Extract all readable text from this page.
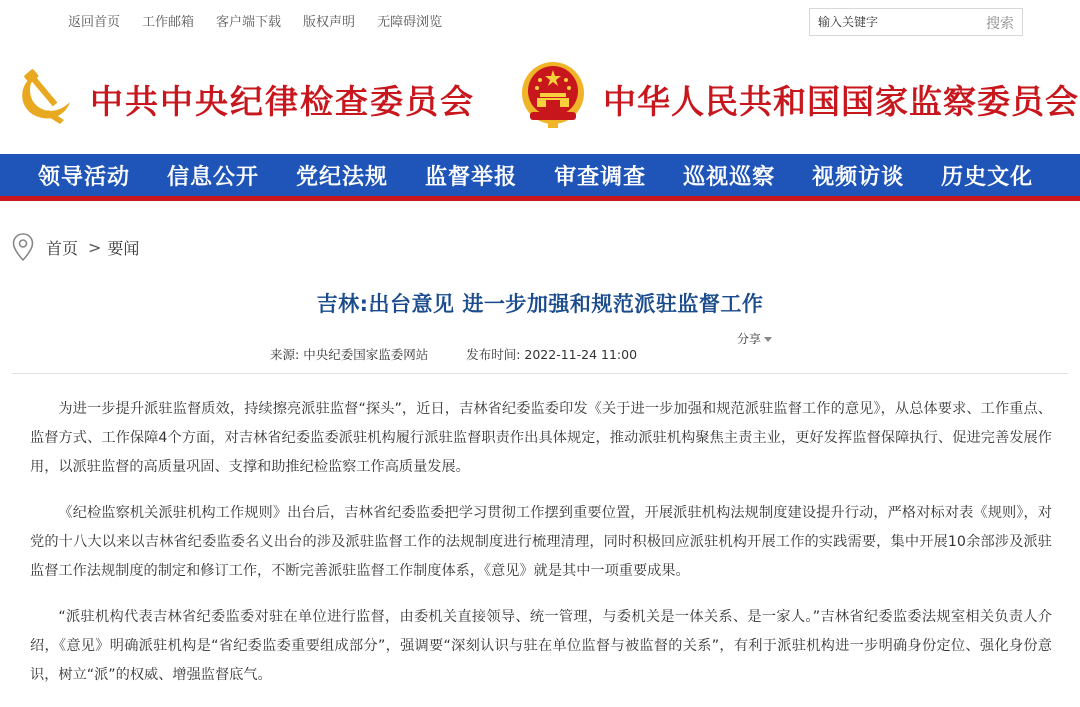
返回首页 工作邮箱 客户端下载 版权声明 无障碍浏览
输入关键字	搜索
中共中央纪律检查委员会	中华人民共和国国家监察委员会
领导活动 信息公开 党纪法规 监督举报 审查调查 巡视巡察 视频访谈 历史文化
首页 > 要闻
吉林:出台意见 进一步加强和规范派驻监督工作
分享
来源: 中央纪委国家监委网站	发布时间: 2022-11-24 11:00

为进一步提升派驻监督质效，持续擦亮派驻监督“探头”，近日，吉林省纪委监委印发《关于进一步加强和规范派驻监督工作的意见》，从总体要求、工作重点、监督方式、工作保障4个方面，对吉林省纪委监委派驻机构履行派驻监督职责作出具体规定，推动派驻机构聚焦主责主业，更好发挥监督保障执行、促进完善发展作用，以派驻监督的高质量巩固、支撑和助推纪检监察工作高质量发展。

《纪检监察机关派驻机构工作规则》出台后，吉林省纪委监委把学习贯彻工作摆到重要位置，开展派驻机构法规制度建设提升行动，严格对标对表《规则》，对党的十八大以来以吉林省纪委监委名义出台的涉及派驻监督工作的法规制度进行梳理清理，同时积极回应派驻机构开展工作的实践需要，集中开展10余部涉及派驻监督工作法规制度的制定和修订工作，不断完善派驻监督工作制度体系，《意见》就是其中一项重要成果。

“派驻机构代表吉林省纪委监委对驻在单位进行监督，由委机关直接领导、统一管理，与委机关是一体关系、是一家人。”吉林省纪委监委法规室相关负责人介绍，《意见》明确派驻机构是“省纪委监委重要组成部分”，强调要“深刻认识与驻在单位监督与被监督的关系”，有利于派驻机构进一步明确身份定位、强化身份意识，树立“派”的权威、增强监督底气。
